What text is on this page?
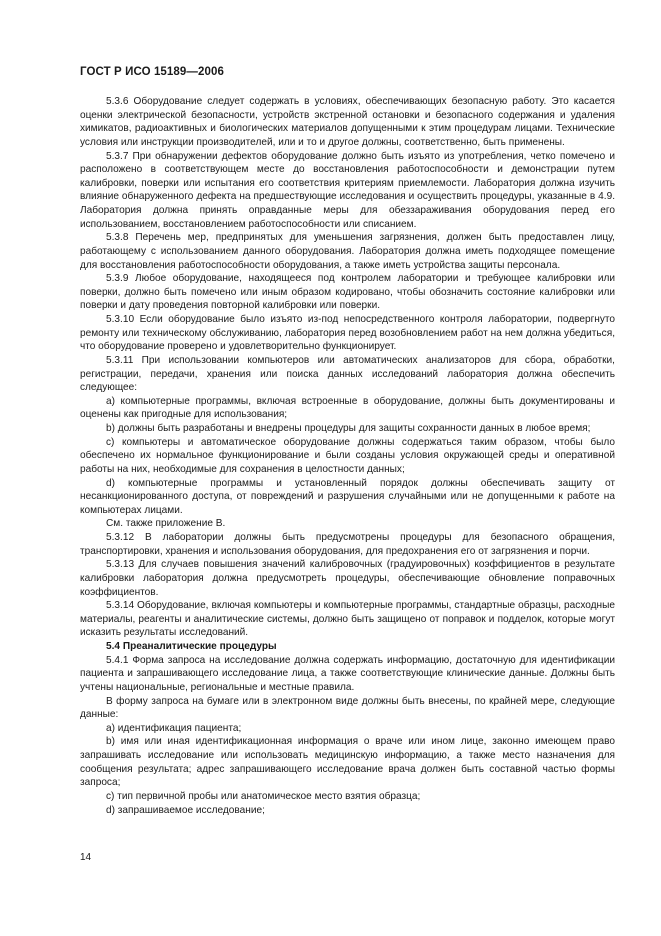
ГОСТ Р ИСО 15189—2006

5.3.6 Оборудование следует содержать в условиях, обеспечивающих безопасную работу. Это касается оценки электрической безопасности, устройств экстренной остановки и безопасного содержания и удаления химикатов, радиоактивных и биологических материалов допущенными к этим процедурам лицами. Технические условия или инструкции производителей, или и то и другое должны, соответственно, быть применены.

5.3.7 При обнаружении дефектов оборудование должно быть изъято из употребления, четко помечено и расположено в соответствующем месте до восстановления работоспособности и демонстрации путем калибровки, поверки или испытания его соответствия критериям приемлемости. Лаборатория должна изучить влияние обнаруженного дефекта на предшествующие исследования и осуществить процедуры, указанные в 4.9. Лаборатория должна принять оправданные меры для обеззараживания оборудования перед его использованием, восстановлением работоспособности или списанием.

5.3.8 Перечень мер, предпринятых для уменьшения загрязнения, должен быть предоставлен лицу, работающему с использованием данного оборудования. Лаборатория должна иметь подходящее помещение для восстановления работоспособности оборудования, а также иметь устройства защиты персонала.

5.3.9 Любое оборудование, находящееся под контролем лаборатории и требующее калибровки или поверки, должно быть помечено или иным образом кодировано, чтобы обозначить состояние калибровки или поверки и дату проведения повторной калибровки или поверки.

5.3.10 Если оборудование было изъято из-под непосредственного контроля лаборатории, подвергнуто ремонту или техническому обслуживанию, лаборатория перед возобновлением работ на нем должна убедиться, что оборудование проверено и удовлетворительно функционирует.

5.3.11 При использовании компьютеров или автоматических анализаторов для сбора, обработки, регистрации, передачи, хранения или поиска данных исследований лаборатория должна обеспечить следующее:

a) компьютерные программы, включая встроенные в оборудование, должны быть документированы и оценены как пригодные для использования;

b) должны быть разработаны и внедрены процедуры для защиты сохранности данных в любое время;

c) компьютеры и автоматическое оборудование должны содержаться таким образом, чтобы было обеспечено их нормальное функционирование и были созданы условия окружающей среды и оперативной работы на них, необходимые для сохранения в целостности данных;

d) компьютерные программы и установленный порядок должны обеспечивать защиту от несанкционированного доступа, от повреждений и разрушения случайными или не допущенными к работе на компьютерах лицами.

См. также приложение В.

5.3.12 В лаборатории должны быть предусмотрены процедуры для безопасного обращения, транспортировки, хранения и использования оборудования, для предохранения его от загрязнения и порчи.

5.3.13 Для случаев повышения значений калибровочных (градуировочных) коэффициентов в результате калибровки лаборатория должна предусмотреть процедуры, обеспечивающие обновление поправочных коэффициентов.

5.3.14 Оборудование, включая компьютеры и компьютерные программы, стандартные образцы, расходные материалы, реагенты и аналитические системы, должно быть защищено от поправок и подделок, которые могут исказить результаты исследований.

5.4 Преаналитические процедуры

5.4.1 Форма запроса на исследование должна содержать информацию, достаточную для идентификации пациента и запрашивающего исследование лица, а также соответствующие клинические данные. Должны быть учтены национальные, региональные и местные правила.

В форму запроса на бумаге или в электронном виде должны быть внесены, по крайней мере, следующие данные:

a) идентификация пациента;

b) имя или иная идентификационная информация о враче или ином лице, законно имеющем право запрашивать исследование или использовать медицинскую информацию, а также место назначения для сообщения результата; адрес запрашивающего исследование врача должен быть составной частью формы запроса;

c) тип первичной пробы или анатомическое место взятия образца;

d) запрашиваемое исследование;

14
